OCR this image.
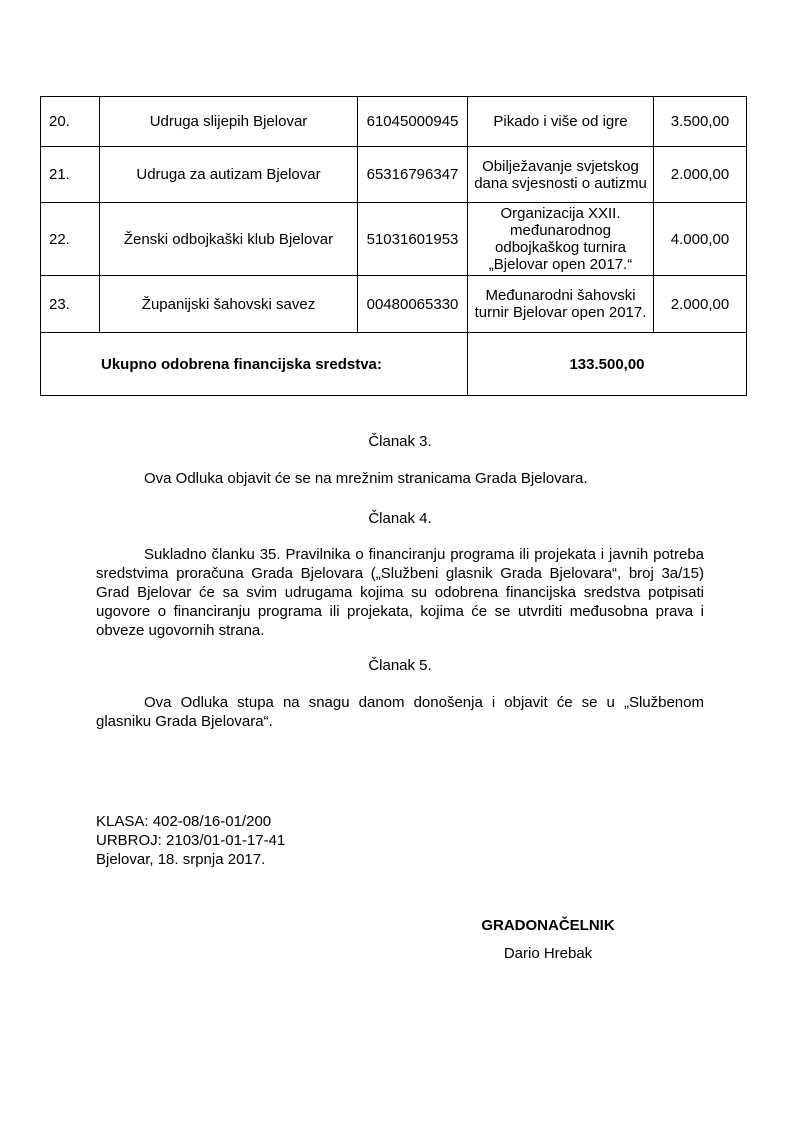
20.	Udruga slijepih Bjelovar	61045000945	Pikado i više od igre	3.500,00
21.	Udruga za autizam Bjelovar	65316796347	Obilježavanje svjetskog dana svjesnosti o autizmu	2.000,00
22.	Ženski odbojkaški klub Bjelovar	51031601953	Organizacija XXII. međunarodnog odbojkaškog turnira „Bjelovar open 2017.“	4.000,00
23.	Županijski šahovski savez	00480065330	Međunarodni šahovski turnir Bjelovar open 2017.	2.000,00
Ukupno odobrena financijska sredstva:			133.500,00	
Članak 3.
Ova Odluka objavit će se na mrežnim stranicama Grada Bjelovara.
Članak 4.
Sukladno članku 35. Pravilnika o financiranju programa ili projekata i javnih potreba sredstvima proračuna Grada Bjelovara („Službeni glasnik Grada Bjelovara“, broj 3a/15) Grad Bjelovar će sa svim udrugama kojima su odobrena financijska sredstva potpisati ugovore o financiranju programa ili projekata, kojima će se utvrditi međusobna prava i obveze ugovornih strana.
Članak 5.
Ova Odluka stupa na snagu danom donošenja i objavit će se u „Službenom glasniku Grada Bjelovara“.
KLASA: 402-08/16-01/200
URBROJ: 2103/01-01-17-41
Bjelovar, 18. srpnja 2017.
GRADONAČELNIK
Dario Hrebak
